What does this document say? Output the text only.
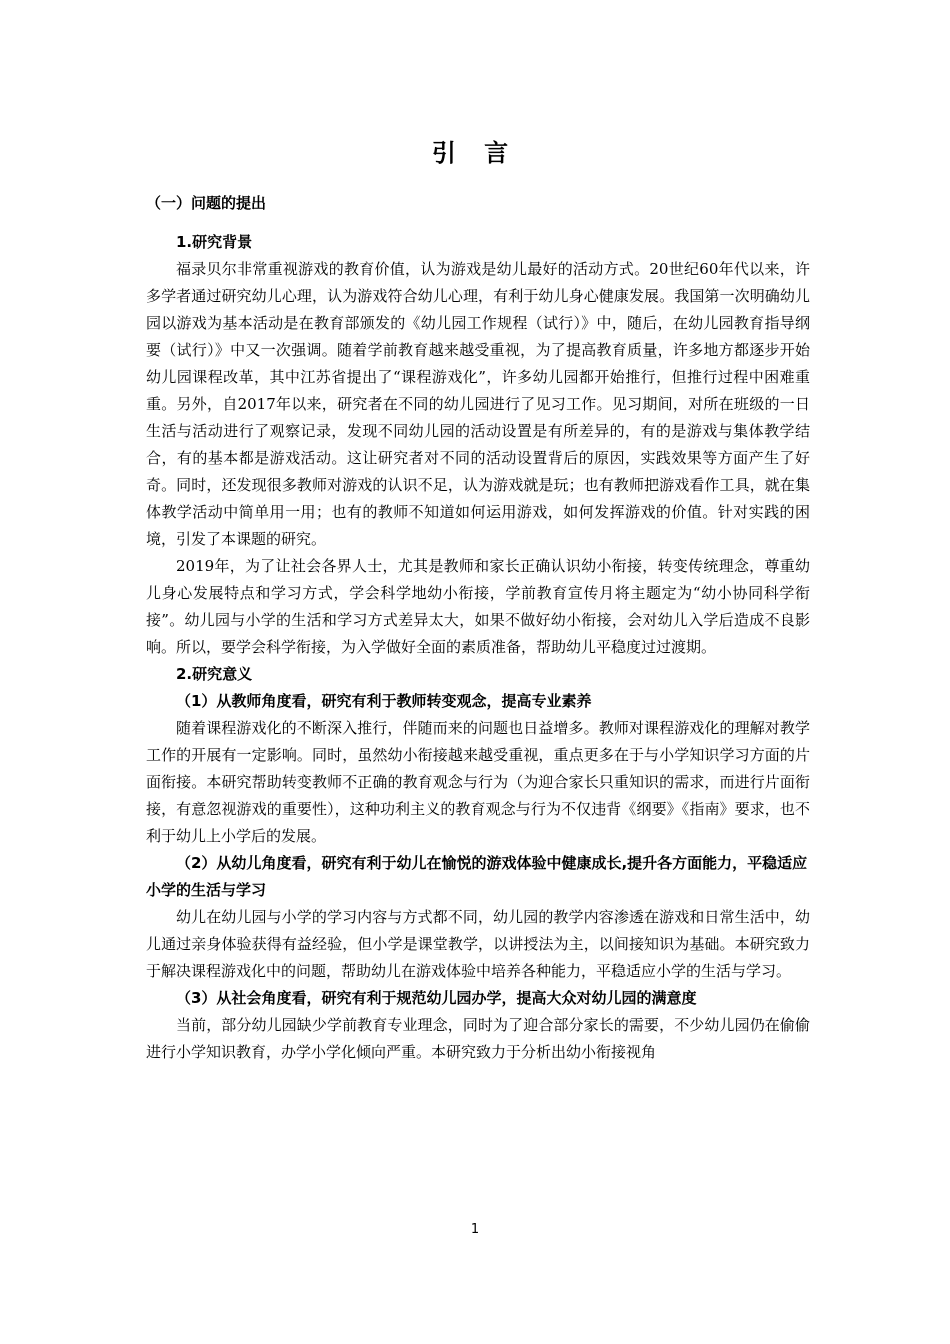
引 言
（一）问题的提出
1.研究背景

福录贝尔非常重视游戏的教育价值，认为游戏是幼儿最好的活动方式。20世纪60年代以来，许多学者通过研究幼儿心理，认为游戏符合幼儿心理，有利于幼儿身心健康发展。我国第一次明确幼儿园以游戏为基本活动是在教育部颁发的《幼儿园工作规程（试行）》中，随后，在幼儿园教育指导纲要（试行）》中又一次强调。随着学前教育越来越受重视，为了提高教育质量，许多地方都逐步开始幼儿园课程改革，其中江苏省提出了“课程游戏化”，许多幼儿园都开始推行，但推行过程中困难重重。另外，自2017年以来，研究者在不同的幼儿园进行了见习工作。见习期间，对所在班级的一日生活与活动进行了观察记录，发现不同幼儿园的活动设置是有所差异的，有的是游戏与集体教学结合，有的基本都是游戏活动。这让研究者对不同的活动设置背后的原因，实践效果等方面产生了好奇。同时，还发现很多教师对游戏的认识不足，认为游戏就是玩；也有教师把游戏看作工具，就在集体教学活动中简单用一用；也有的教师不知道如何运用游戏，如何发挥游戏的价值。针对实践的困境，引发了本课题的研究。

2019年，为了让社会各界人士，尤其是教师和家长正确认识幼小衔接，转变传统理念，尊重幼儿身心发展特点和学习方式，学会科学地幼小衔接，学前教育宣传月将主题定为“幼小协同科学衔接”。幼儿园与小学的生活和学习方式差异太大，如果不做好幼小衔接，会对幼儿入学后造成不良影响。所以，要学会科学衔接，为入学做好全面的素质准备，帮助幼儿平稳度过过渡期。

2.研究意义

（1）从教师角度看，研究有利于教师转变观念，提高专业素养

随着课程游戏化的不断深入推行，伴随而来的问题也日益增多。教师对课程游戏化的理解对教学工作的开展有一定影响。同时，虽然幼小衔接越来越受重视，重点更多在于与小学知识学习方面的片面衔接。本研究帮助转变教师不正确的教育观念与行为（为迎合家长只重知识的需求，而进行片面衔接，有意忽视游戏的重要性），这种功利主义的教育观念与行为不仅违背《纲要》《指南》要求，也不利于幼儿上小学后的发展。

（2）从幼儿角度看，研究有利于幼儿在愉悦的游戏体验中健康成长,提升各方面能力，平稳适应小学的生活与学习

幼儿在幼儿园与小学的学习内容与方式都不同，幼儿园的教学内容渗透在游戏和日常生活中，幼儿通过亲身体验获得有益经验，但小学是课堂教学，以讲授法为主，以间接知识为基础。本研究致力于解决课程游戏化中的问题，帮助幼儿在游戏体验中培养各种能力，平稳适应小学的生活与学习。

（3）从社会角度看，研究有利于规范幼儿园办学，提高大众对幼儿园的满意度

当前，部分幼儿园缺少学前教育专业理念，同时为了迎合部分家长的需要，不少幼儿园仍在偷偷进行小学知识教育，办学小学化倾向严重。本研究致力于分析出幼小衔接视角

1
